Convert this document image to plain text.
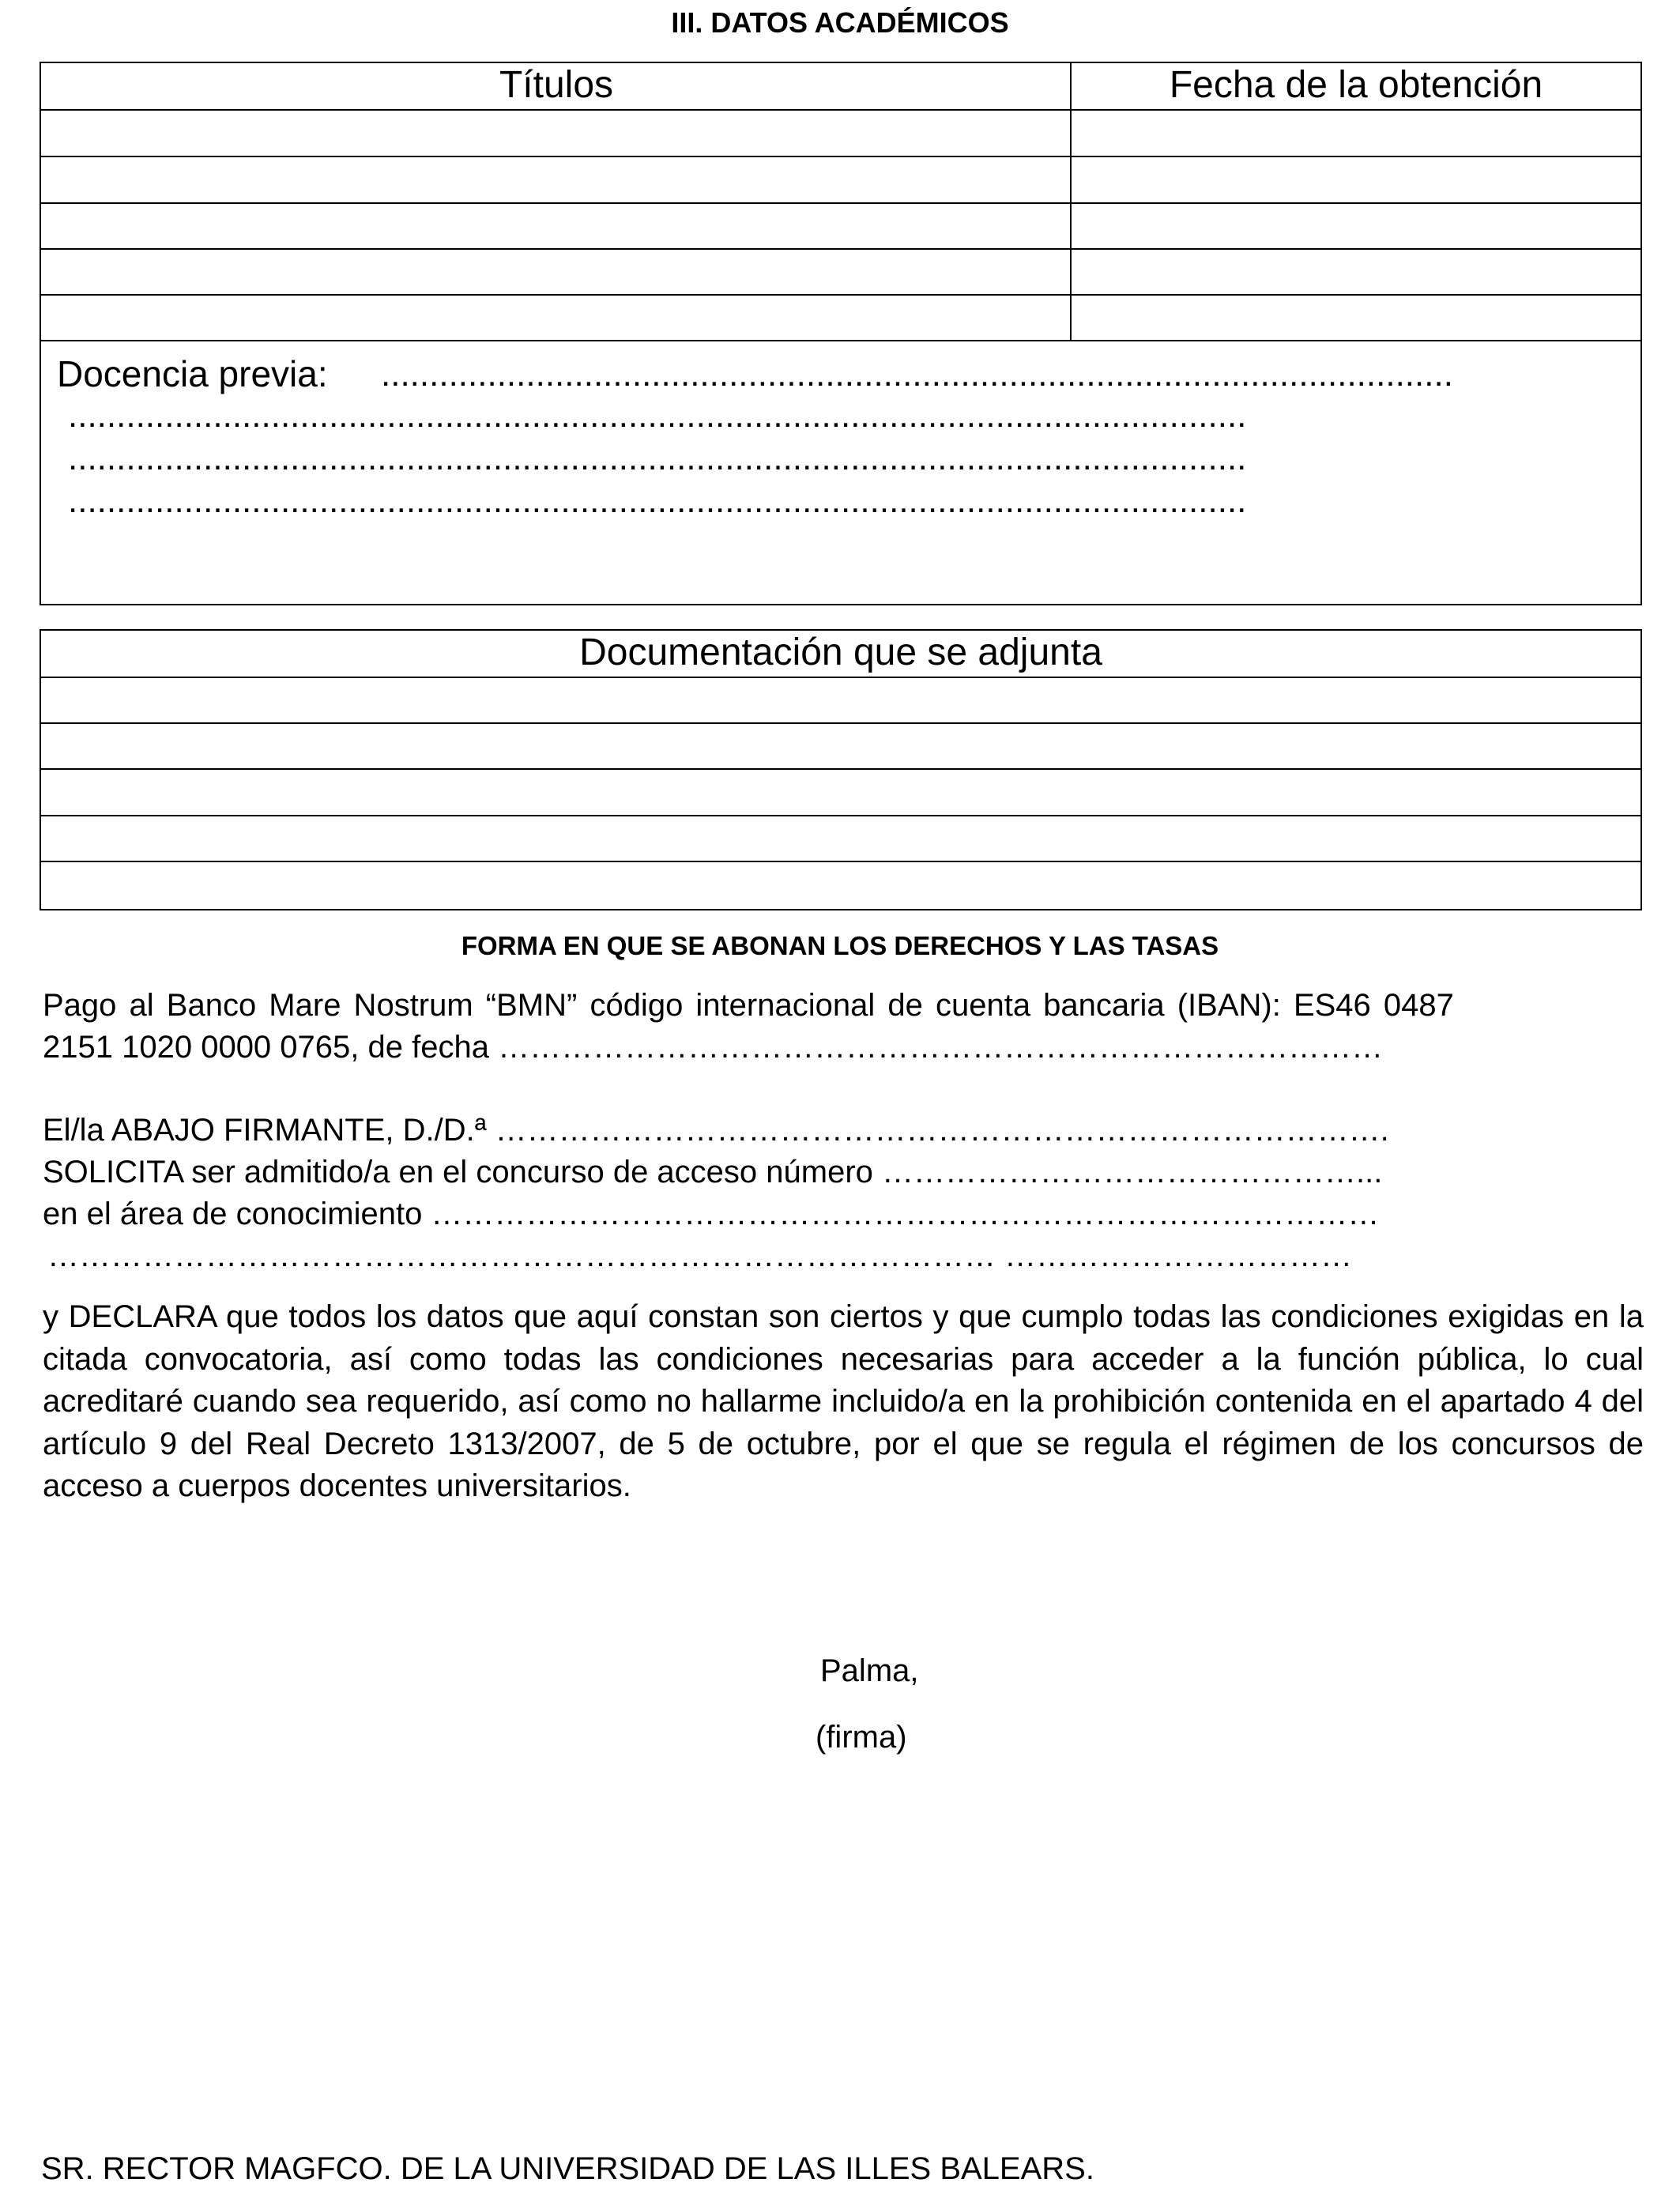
III. DATOS ACADÉMICOS
Títulos	Fecha de la obtención
Docencia previa: ...............................................................................................................
..........................................................................................................................
..........................................................................................................................
..........................................................................................................................
Documentación que se adjunta
FORMA EN QUE SE ABONAN LOS DERECHOS Y LAS TASAS
Pago al Banco Mare Nostrum “BMN” código internacional de cuenta bancaria (IBAN): ES46 0487
2151 1020 0000 0765, de fecha …………………………………………………………………………
El/la ABAJO FIRMANTE, D./D.ª ………………………………………………………………………….
SOLICITA ser admitido/a en el concurso de acceso número ………………………………………...
en el área de conocimiento ………………………………………………………………………………
……………………………………………………………………………… ……………………………
y DECLARA que todos los datos que aquí constan son ciertos y que cumplo todas las condiciones exigidas en la citada convocatoria, así como todas las condiciones necesarias para acceder a la función pública, lo cual acreditaré cuando sea requerido, así como no hallarme incluido/a en la prohibición contenida en el apartado 4 del artículo 9 del Real Decreto 1313/2007, de 5 de octubre, por el que se regula el régimen de los concursos de acceso a cuerpos docentes universitarios.
Palma,
(firma)
SR. RECTOR MAGFCO. DE LA UNIVERSIDAD DE LAS ILLES BALEARS.
